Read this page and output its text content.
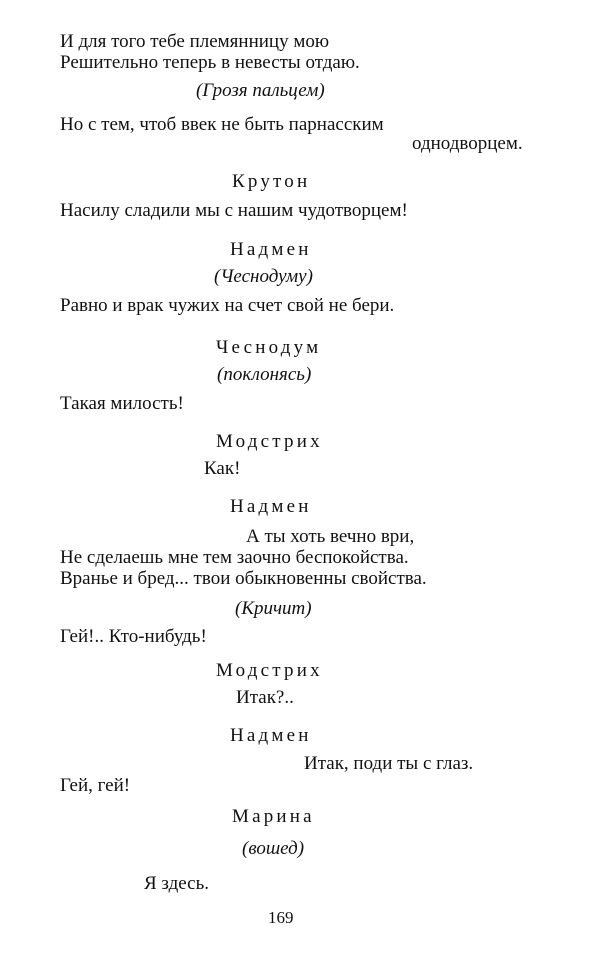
И для того тебе племянницу мою
Решительно теперь в невесты отдаю.
(Грозя пальцем)
Но с тем, чтоб ввек не быть парнасским
однодворцем.
Крутон
Насилу сладили мы с нашим чудотворцем!
Надмен
(Чеснодуму)
Равно и врак чужих на счет свой не бери.
Чеснодум
(поклонясь)
Такая милость!
Модстрих
Как!
Надмен
А ты хоть вечно ври,
Не сделаешь мне тем заочно беспокойства.
Вранье и бред... твои обыкновенны свойства.
(Кричит)
Гей!.. Кто-нибудь!
Модстрих
Итак?..
Надмен
Итак, поди ты с глаз.
Гей, гей!
Марина
(вошед)
Я здесь.
169
